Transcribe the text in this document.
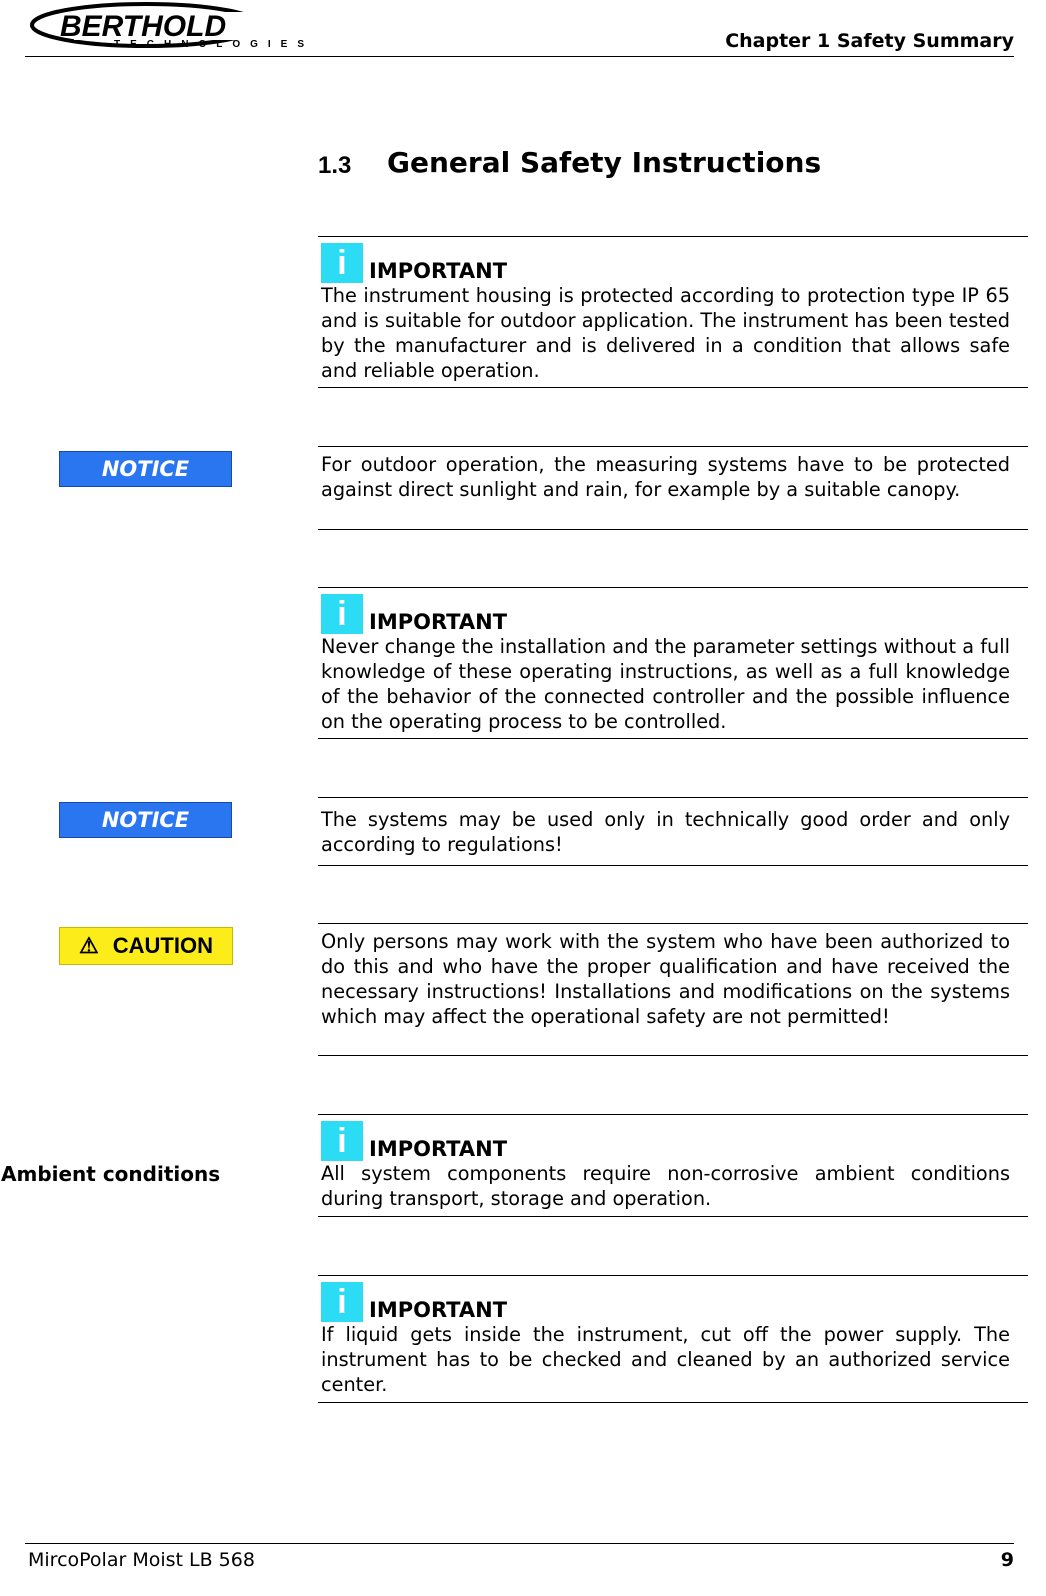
BERTHOLD
TECHNOLOGIES	Chapter 1 Safety Summary
1.3 General Safety Instructions
i	IMPORTANT
The instrument housing is protected according to protection type IP 65 and is suitable for outdoor application. The instrument has been tested by the manufacturer and is delivered in a condition that allows safe and reliable operation.
NOTICE	For outdoor operation, the measuring systems have to be protected against direct sunlight and rain, for example by a suitable canopy.
i	IMPORTANT
Never change the installation and the parameter settings without a full knowledge of these operating instructions, as well as a full knowledge of the behavior of the connected controller and the possible influence on the operating process to be controlled.
NOTICE	The systems may be used only in technically good order and only according to regulations!
⚠ CAUTION	Only persons may work with the system who have been authorized to do this and who have the proper qualification and have received the necessary instructions! Installations and modifications on the systems which may affect the operational safety are not permitted!
Ambient conditions
i	IMPORTANT
All system components require non-corrosive ambient conditions during transport, storage and operation.
i	IMPORTANT
If liquid gets inside the instrument, cut off the power supply. The instrument has to be checked and cleaned by an authorized service center.
MircoPolar Moist LB 568	9
